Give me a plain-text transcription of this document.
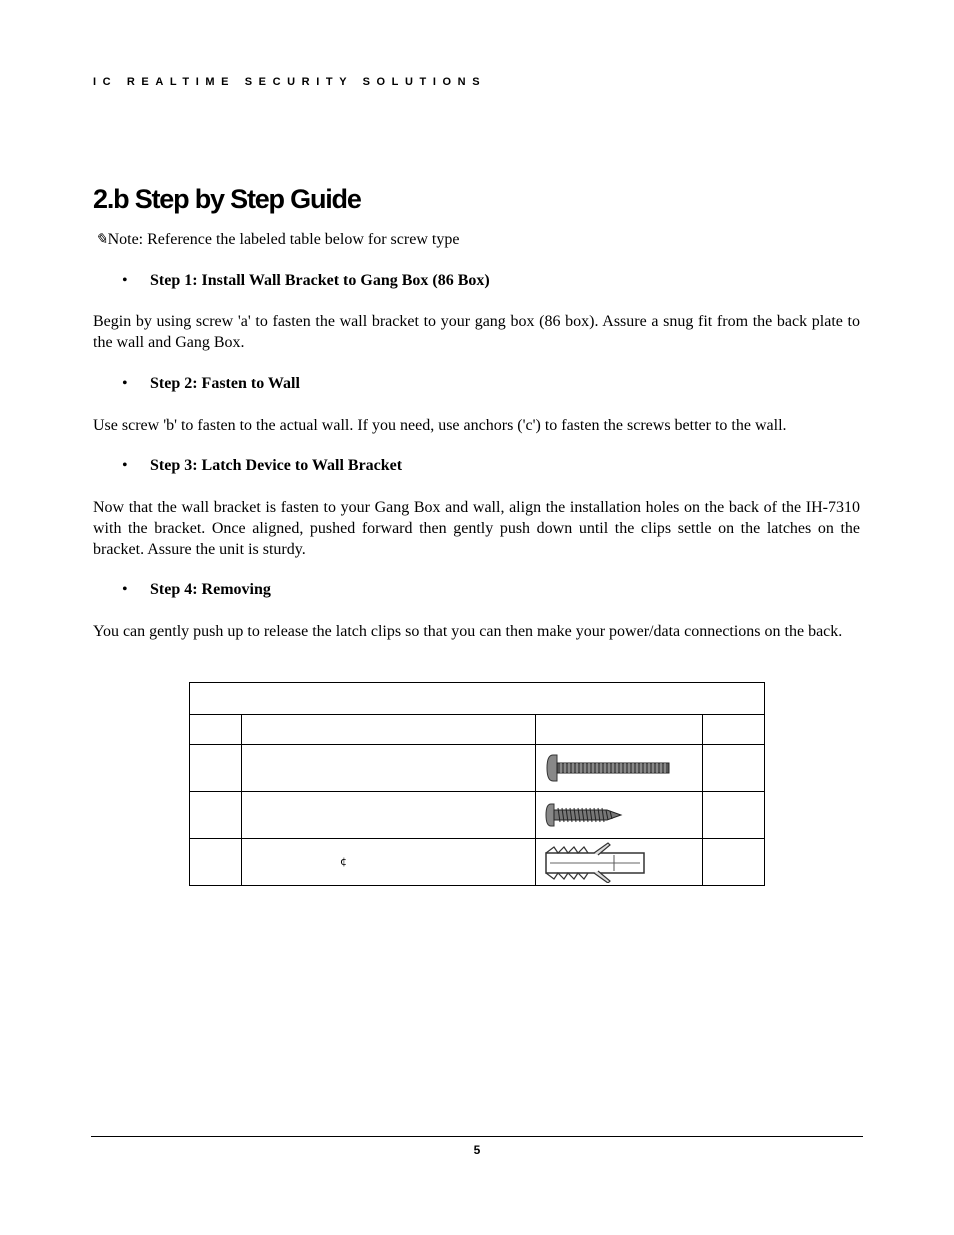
IC REALTIME SECURITY SOLUTIONS
2.b Step by Step Guide
✎Note: Reference the labeled table below for screw type
• Step 1: Install Wall Bracket to Gang Box (86 Box)

Begin by using screw 'a' to fasten the wall bracket to your gang box (86 box). Assure a snug fit from the back plate to the wall and Gang Box.

• Step 2: Fasten to Wall

Use screw 'b' to fasten to the actual wall. If you need, use anchors ('c') to fasten the screws better to the wall.

• Step 3: Latch Device to Wall Bracket

Now that the wall bracket is fasten to your Gang Box and wall, align the installation holes on the back of the IH-7310 with the bracket. Once aligned, pushed forward then gently push down until the clips settle on the latches on the bracket. Assure the unit is sturdy.

• Step 4: Removing

You can gently push up to release the latch clips so that you can then make your power/data connections on the back.

	¢	

5
